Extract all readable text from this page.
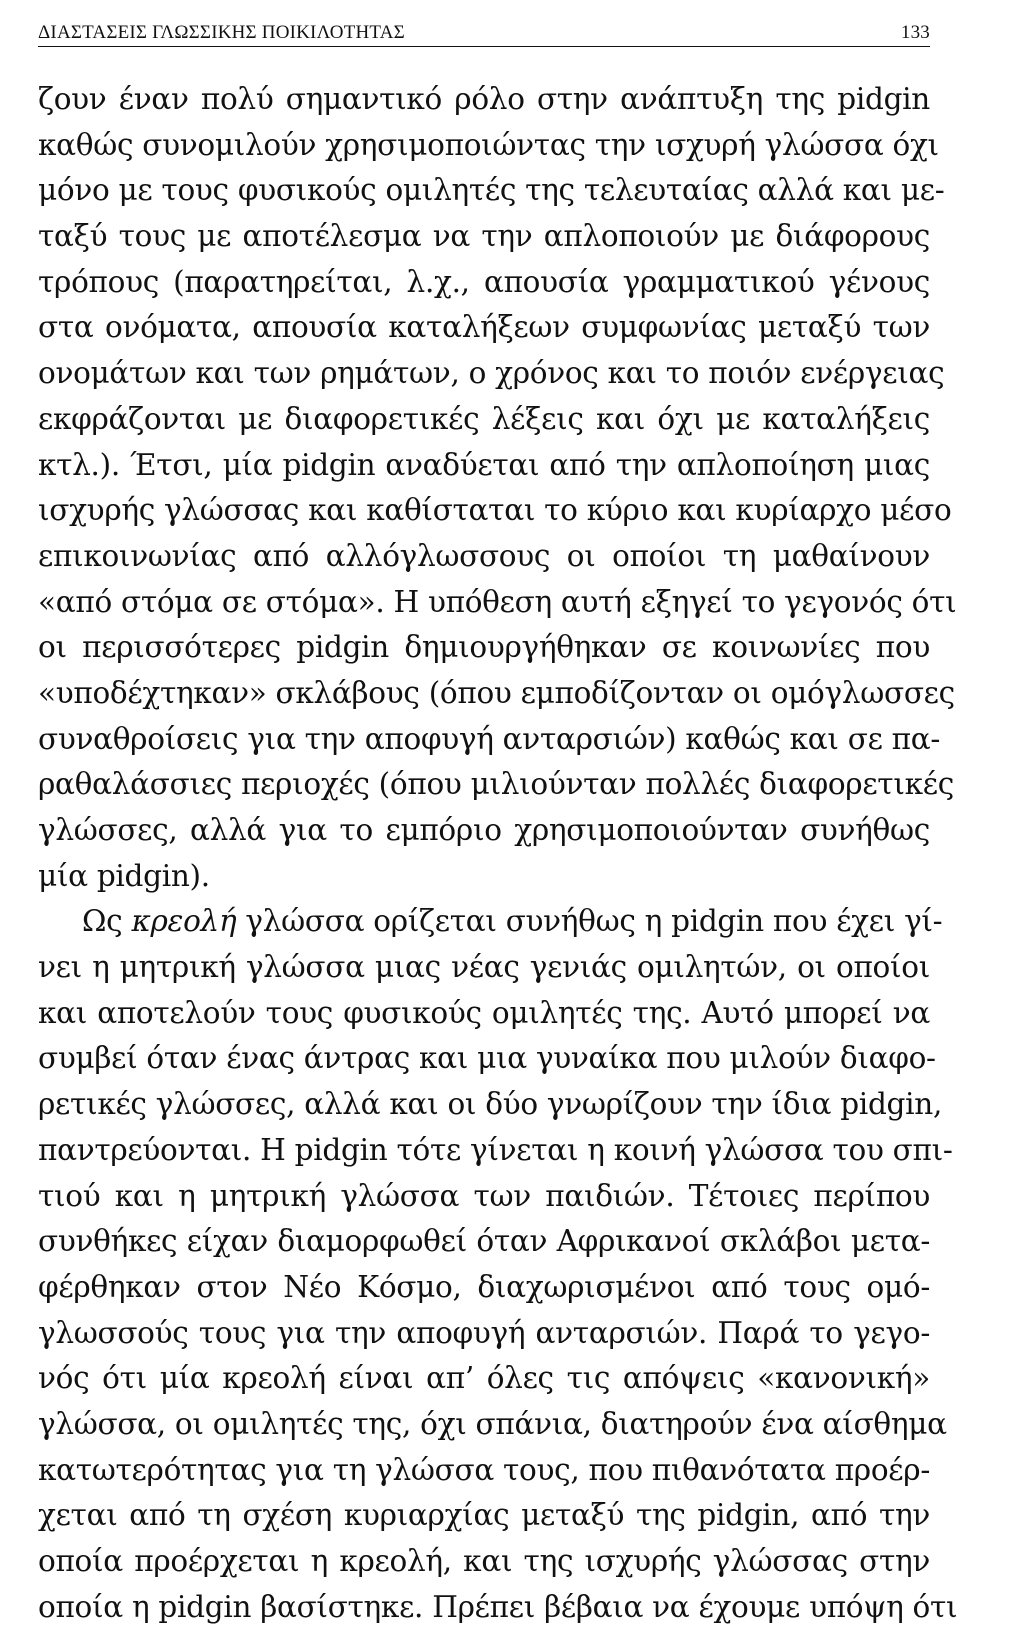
ΔΙΑΣΤΑΣΕΙΣ ΓΛΩΣΣΙΚΗΣ ΠΟΙΚΙΛΟΤΗΤΑΣ	133
ζουν έναν πολύ σημαντικό ρόλο στην ανάπτυξη της pidgin
καθώς συνομιλούν χρησιμοποιώντας την ισχυρή γλώσσα όχι
μόνο με τους φυσικούς ομιλητές της τελευταίας αλλά και με-
ταξύ τους με αποτέλεσμα να την απλοποιούν με διάφορους
τρόπους (παρατηρείται, λ.χ., απουσία γραμματικού γένους
στα ονόματα, απουσία καταλήξεων συμφωνίας μεταξύ των
ονομάτων και των ρημάτων, ο χρόνος και το ποιόν ενέργειας
εκφράζονται με διαφορετικές λέξεις και όχι με καταλήξεις
κτλ.). Έτσι, μία pidgin αναδύεται από την απλοποίηση μιας
ισχυρής γλώσσας και καθίσταται το κύριο και κυρίαρχο μέσο
επικοινωνίας από αλλόγλωσσους οι οποίοι τη μαθαίνουν
«από στόμα σε στόμα». Η υπόθεση αυτή εξηγεί το γεγονός ότι
οι περισσότερες pidgin δημιουργήθηκαν σε κοινωνίες που
«υποδέχτηκαν» σκλάβους (όπου εμποδίζονταν οι ομόγλωσσες
συναθροίσεις για την αποφυγή ανταρσιών) καθώς και σε πα-
ραθαλάσσιες περιοχές (όπου μιλιούνταν πολλές διαφορετικές
γλώσσες, αλλά για το εμπόριο χρησιμοποιούνταν συνήθως
μία pidgin).
Ως κρεολή γλώσσα ορίζεται συνήθως η pidgin που έχει γί-
νει η μητρική γλώσσα μιας νέας γενιάς ομιλητών, οι οποίοι
και αποτελούν τους φυσικούς ομιλητές της. Αυτό μπορεί να
συμβεί όταν ένας άντρας και μια γυναίκα που μιλούν διαφο-
ρετικές γλώσσες, αλλά και οι δύο γνωρίζουν την ίδια pidgin,
παντρεύονται. Η pidgin τότε γίνεται η κοινή γλώσσα του σπι-
τιού και η μητρική γλώσσα των παιδιών. Τέτοιες περίπου
συνθήκες είχαν διαμορφωθεί όταν Αφρικανοί σκλάβοι μετα-
φέρθηκαν στον Νέο Κόσμο, διαχωρισμένοι από τους ομό-
γλωσσούς τους για την αποφυγή ανταρσιών. Παρά το γεγο-
νός ότι μία κρεολή είναι απ’ όλες τις απόψεις «κανονική»
γλώσσα, οι ομιλητές της, όχι σπάνια, διατηρούν ένα αίσθημα
κατωτερότητας για τη γλώσσα τους, που πιθανότατα προέρ-
χεται από τη σχέση κυριαρχίας μεταξύ της pidgin, από την
οποία προέρχεται η κρεολή, και της ισχυρής γλώσσας στην
οποία η pidgin βασίστηκε. Πρέπει βέβαια να έχουμε υπόψη ότι
